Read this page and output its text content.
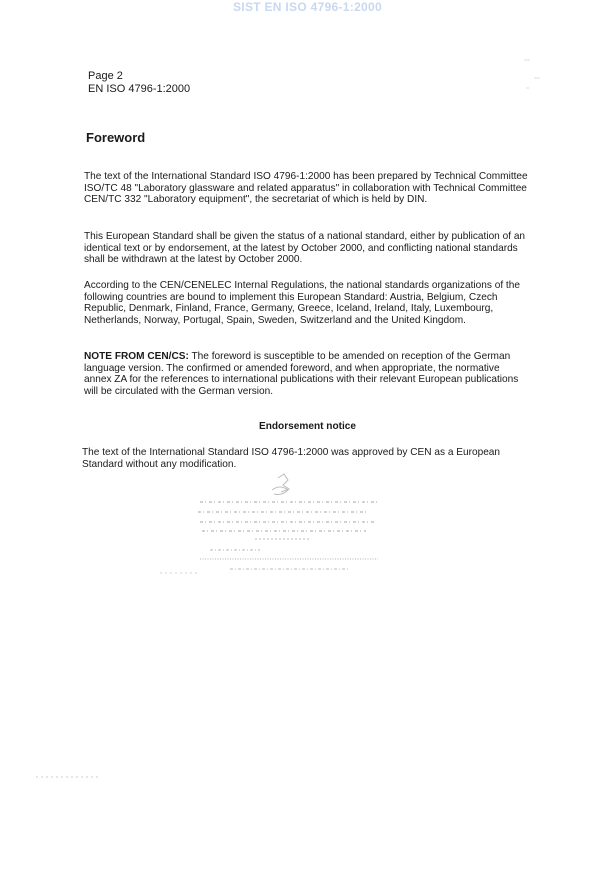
SIST EN ISO 4796-1:2000
Page 2
EN ISO 4796-1:2000
Foreword

The text of the International Standard ISO 4796-1:2000 has been prepared by Technical Committee ISO/TC 48 "Laboratory glassware and related apparatus" in collaboration with Technical Committee CEN/TC 332 "Laboratory equipment", the secretariat of which is held by DIN.

This European Standard shall be given the status of a national standard, either by publication of an identical text or by endorsement, at the latest by October 2000, and conflicting national standards shall be withdrawn at the latest by October 2000.

According to the CEN/CENELEC Internal Regulations, the national standards organizations of the following countries are bound to implement this European Standard: Austria, Belgium, Czech Republic, Denmark, Finland, France, Germany, Greece, Iceland, Ireland, Italy, Luxembourg, Netherlands, Norway, Portugal, Spain, Sweden, Switzerland and the United Kingdom.

NOTE FROM CEN/CS: The foreword is susceptible to be amended on reception of the German language version. The confirmed or amended foreword, and when appropriate, the normative annex ZA for the references to international publications with their relevant European publications will be circulated with the German version.

Endorsement notice

The text of the International Standard ISO 4796-1:2000 was approved by CEN as a European Standard without any modification.
